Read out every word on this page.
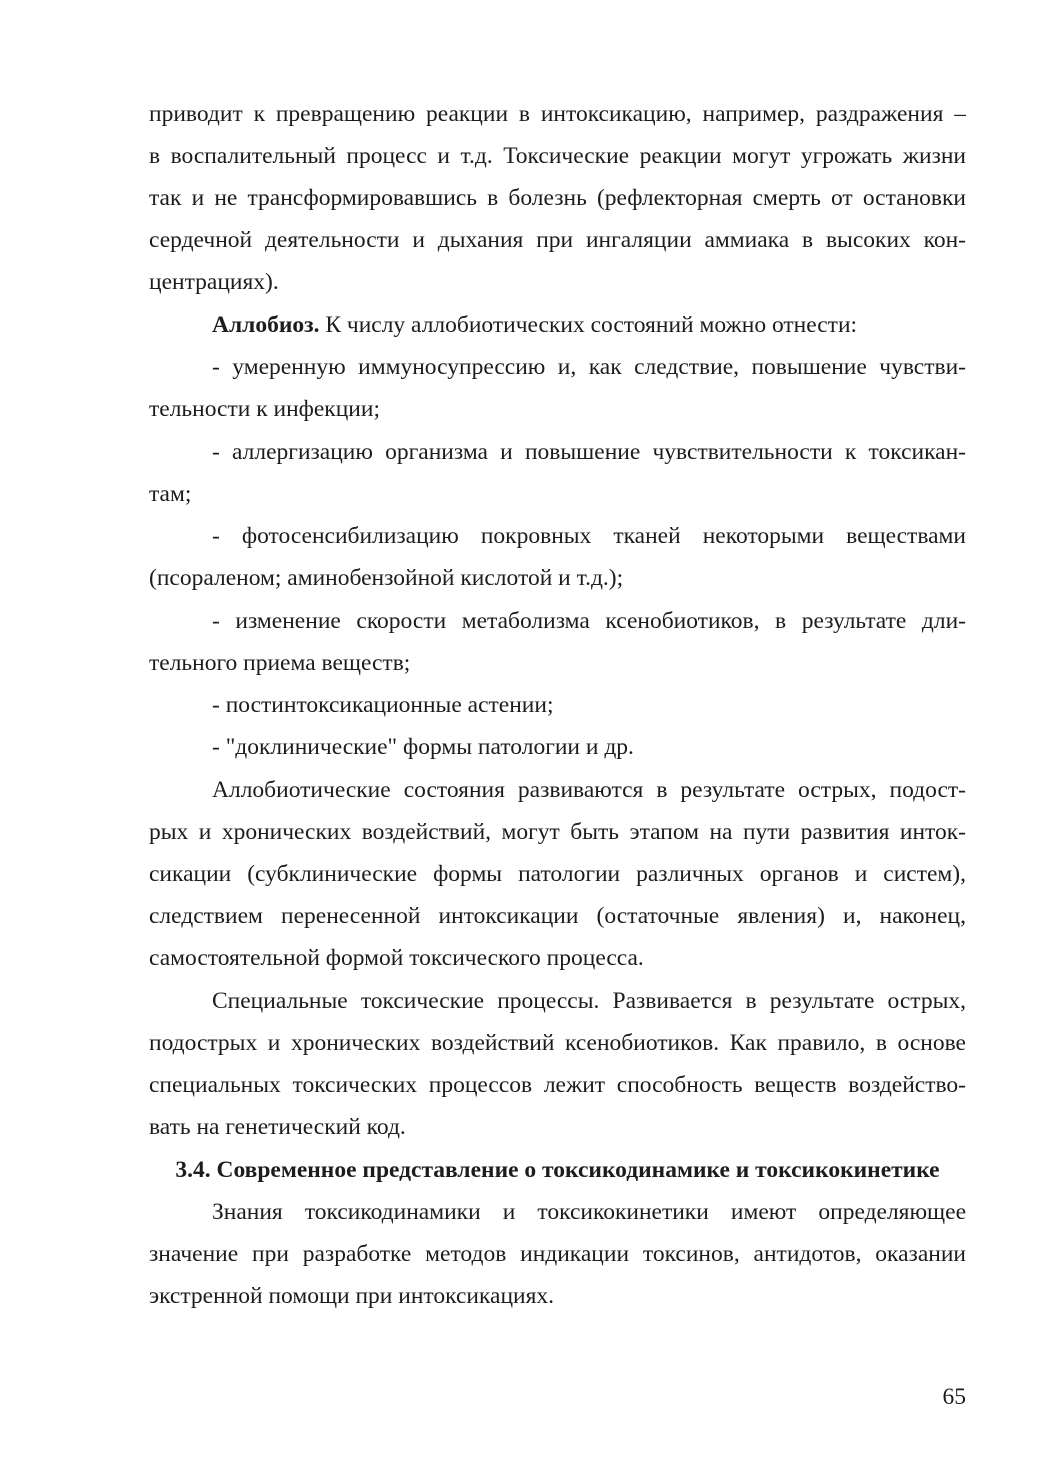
приводит к превращению реакции в интоксикацию, например, раздражения –
в воспалительный процесс и т.д. Токсические реакции могут угрожать жизни
так и не трансформировавшись в болезнь (рефлекторная смерть от остановки
сердечной деятельности и дыхания при ингаляции аммиака в высоких кон-
центрациях).
Аллобиоз. К числу аллобиотических состояний можно отнести:
- умеренную иммуносупрессию и, как следствие, повышение чувстви-
тельности к инфекции;
- аллергизацию организма и повышение чувствительности к токсикан-
там;
- фотосенсибилизацию покровных тканей некоторыми веществами
(псораленом; аминобензойной кислотой и т.д.);
- изменение скорости метаболизма ксенобиотиков, в результате дли-
тельного приема веществ;
- постинтоксикационные астении;
- "доклинические" формы патологии и др.
Аллобиотические состояния развиваются в результате острых, подост-
рых и хронических воздействий, могут быть этапом на пути развития инток-
сикации (субклинические формы патологии различных органов и систем),
следствием перенесенной интоксикации (остаточные явления) и, наконец,
самостоятельной формой токсического процесса.
Специальные токсические процессы. Развивается в результате острых,
подострых и хронических воздействий ксенобиотиков. Как правило, в основе
специальных токсических процессов лежит способность веществ воздейство-
вать на генетический код.
3.4. Современное представление о токсикодинамике и токсикокинетике
Знания токсикодинамики и токсикокинетики имеют определяющее
значение при разработке методов индикации токсинов, антидотов, оказании
экстренной помощи при интоксикациях.
65
